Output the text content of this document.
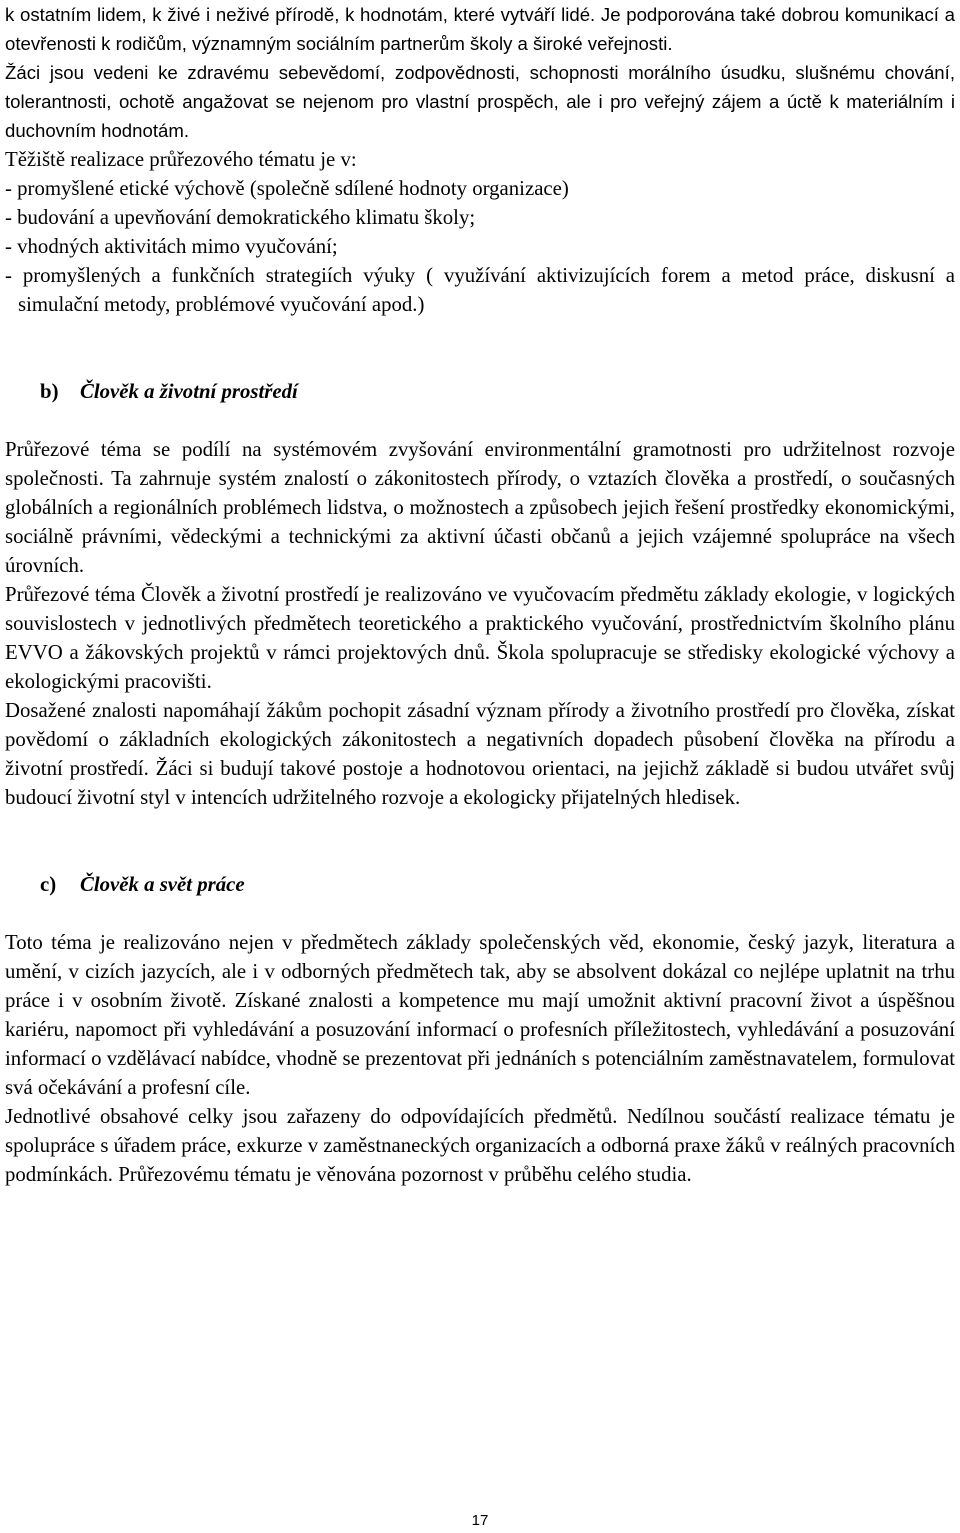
k ostatním lidem, k živé i neživé přírodě, k hodnotám, které vytváří lidé. Je podporována také dobrou komunikací a otevřenosti k rodičům, významným sociálním partnerům školy a široké veřejnosti.

Žáci jsou vedeni ke zdravému sebevědomí, zodpovědnosti, schopnosti morálního úsudku, slušnému chování, tolerantnosti, ochotě angažovat se nejenom pro vlastní prospěch, ale i pro veřejný zájem a úctě k materiálním i duchovním hodnotám.

Těžiště realizace průřezového tématu je v:

- promyšlené etické výchově (společně sdílené hodnoty organizace)

- budování a upevňování demokratického klimatu školy;

- vhodných aktivitách mimo vyučování;

- promyšlených a funkčních strategiích výuky ( využívání aktivizujících forem a metod práce, diskusní a simulační metody, problémové vyučování apod.)

b) Člověk a životní prostředí

Průřezové téma se podílí na systémovém zvyšování environmentální gramotnosti pro udržitelnost rozvoje společnosti. Ta zahrnuje systém znalostí o zákonitostech přírody, o vztazích člověka a prostředí, o současných globálních a regionálních problémech lidstva, o možnostech a způsobech jejich řešení prostředky ekonomickými, sociálně právními, vědeckými a technickými za aktivní účasti občanů a jejich vzájemné spolupráce na všech úrovních.

Průřezové téma Člověk a životní prostředí je realizováno ve vyučovacím předmětu základy ekologie, v logických souvislostech v jednotlivých předmětech teoretického a praktického vyučování, prostřednictvím školního plánu EVVO a žákovských projektů v rámci projektových dnů. Škola spolupracuje se středisky ekologické výchovy a ekologickými pracovišti.

Dosažené znalosti napomáhají žákům pochopit zásadní význam přírody a životního prostředí pro člověka, získat povědomí o základních ekologických zákonitostech a negativních dopadech působení člověka na přírodu a životní prostředí. Žáci si budují takové postoje a hodnotovou orientaci, na jejichž základě si budou utvářet svůj budoucí životní styl v intencích udržitelného rozvoje a ekologicky přijatelných hledisek.

c) Člověk a svět práce

Toto téma je realizováno nejen v předmětech základy společenských věd, ekonomie, český jazyk, literatura a umění, v cizích jazycích, ale i v odborných předmětech tak, aby se absolvent dokázal co nejlépe uplatnit na trhu práce i v osobním životě. Získané znalosti a kompetence mu mají umožnit aktivní pracovní život a úspěšnou kariéru, napomoct při vyhledávání a posuzování informací o profesních příležitostech, vyhledávání a posuzování informací o vzdělávací nabídce, vhodně se prezentovat při jednáních s potenciálním zaměstnavatelem, formulovat svá očekávání a profesní cíle.

Jednotlivé obsahové celky jsou zařazeny do odpovídajících předmětů. Nedílnou součástí realizace tématu je spolupráce s úřadem práce, exkurze v zaměstnaneckých organizacích a odborná praxe žáků v reálných pracovních podmínkách. Průřezovému tématu je věnována pozornost v průběhu celého studia.

17
